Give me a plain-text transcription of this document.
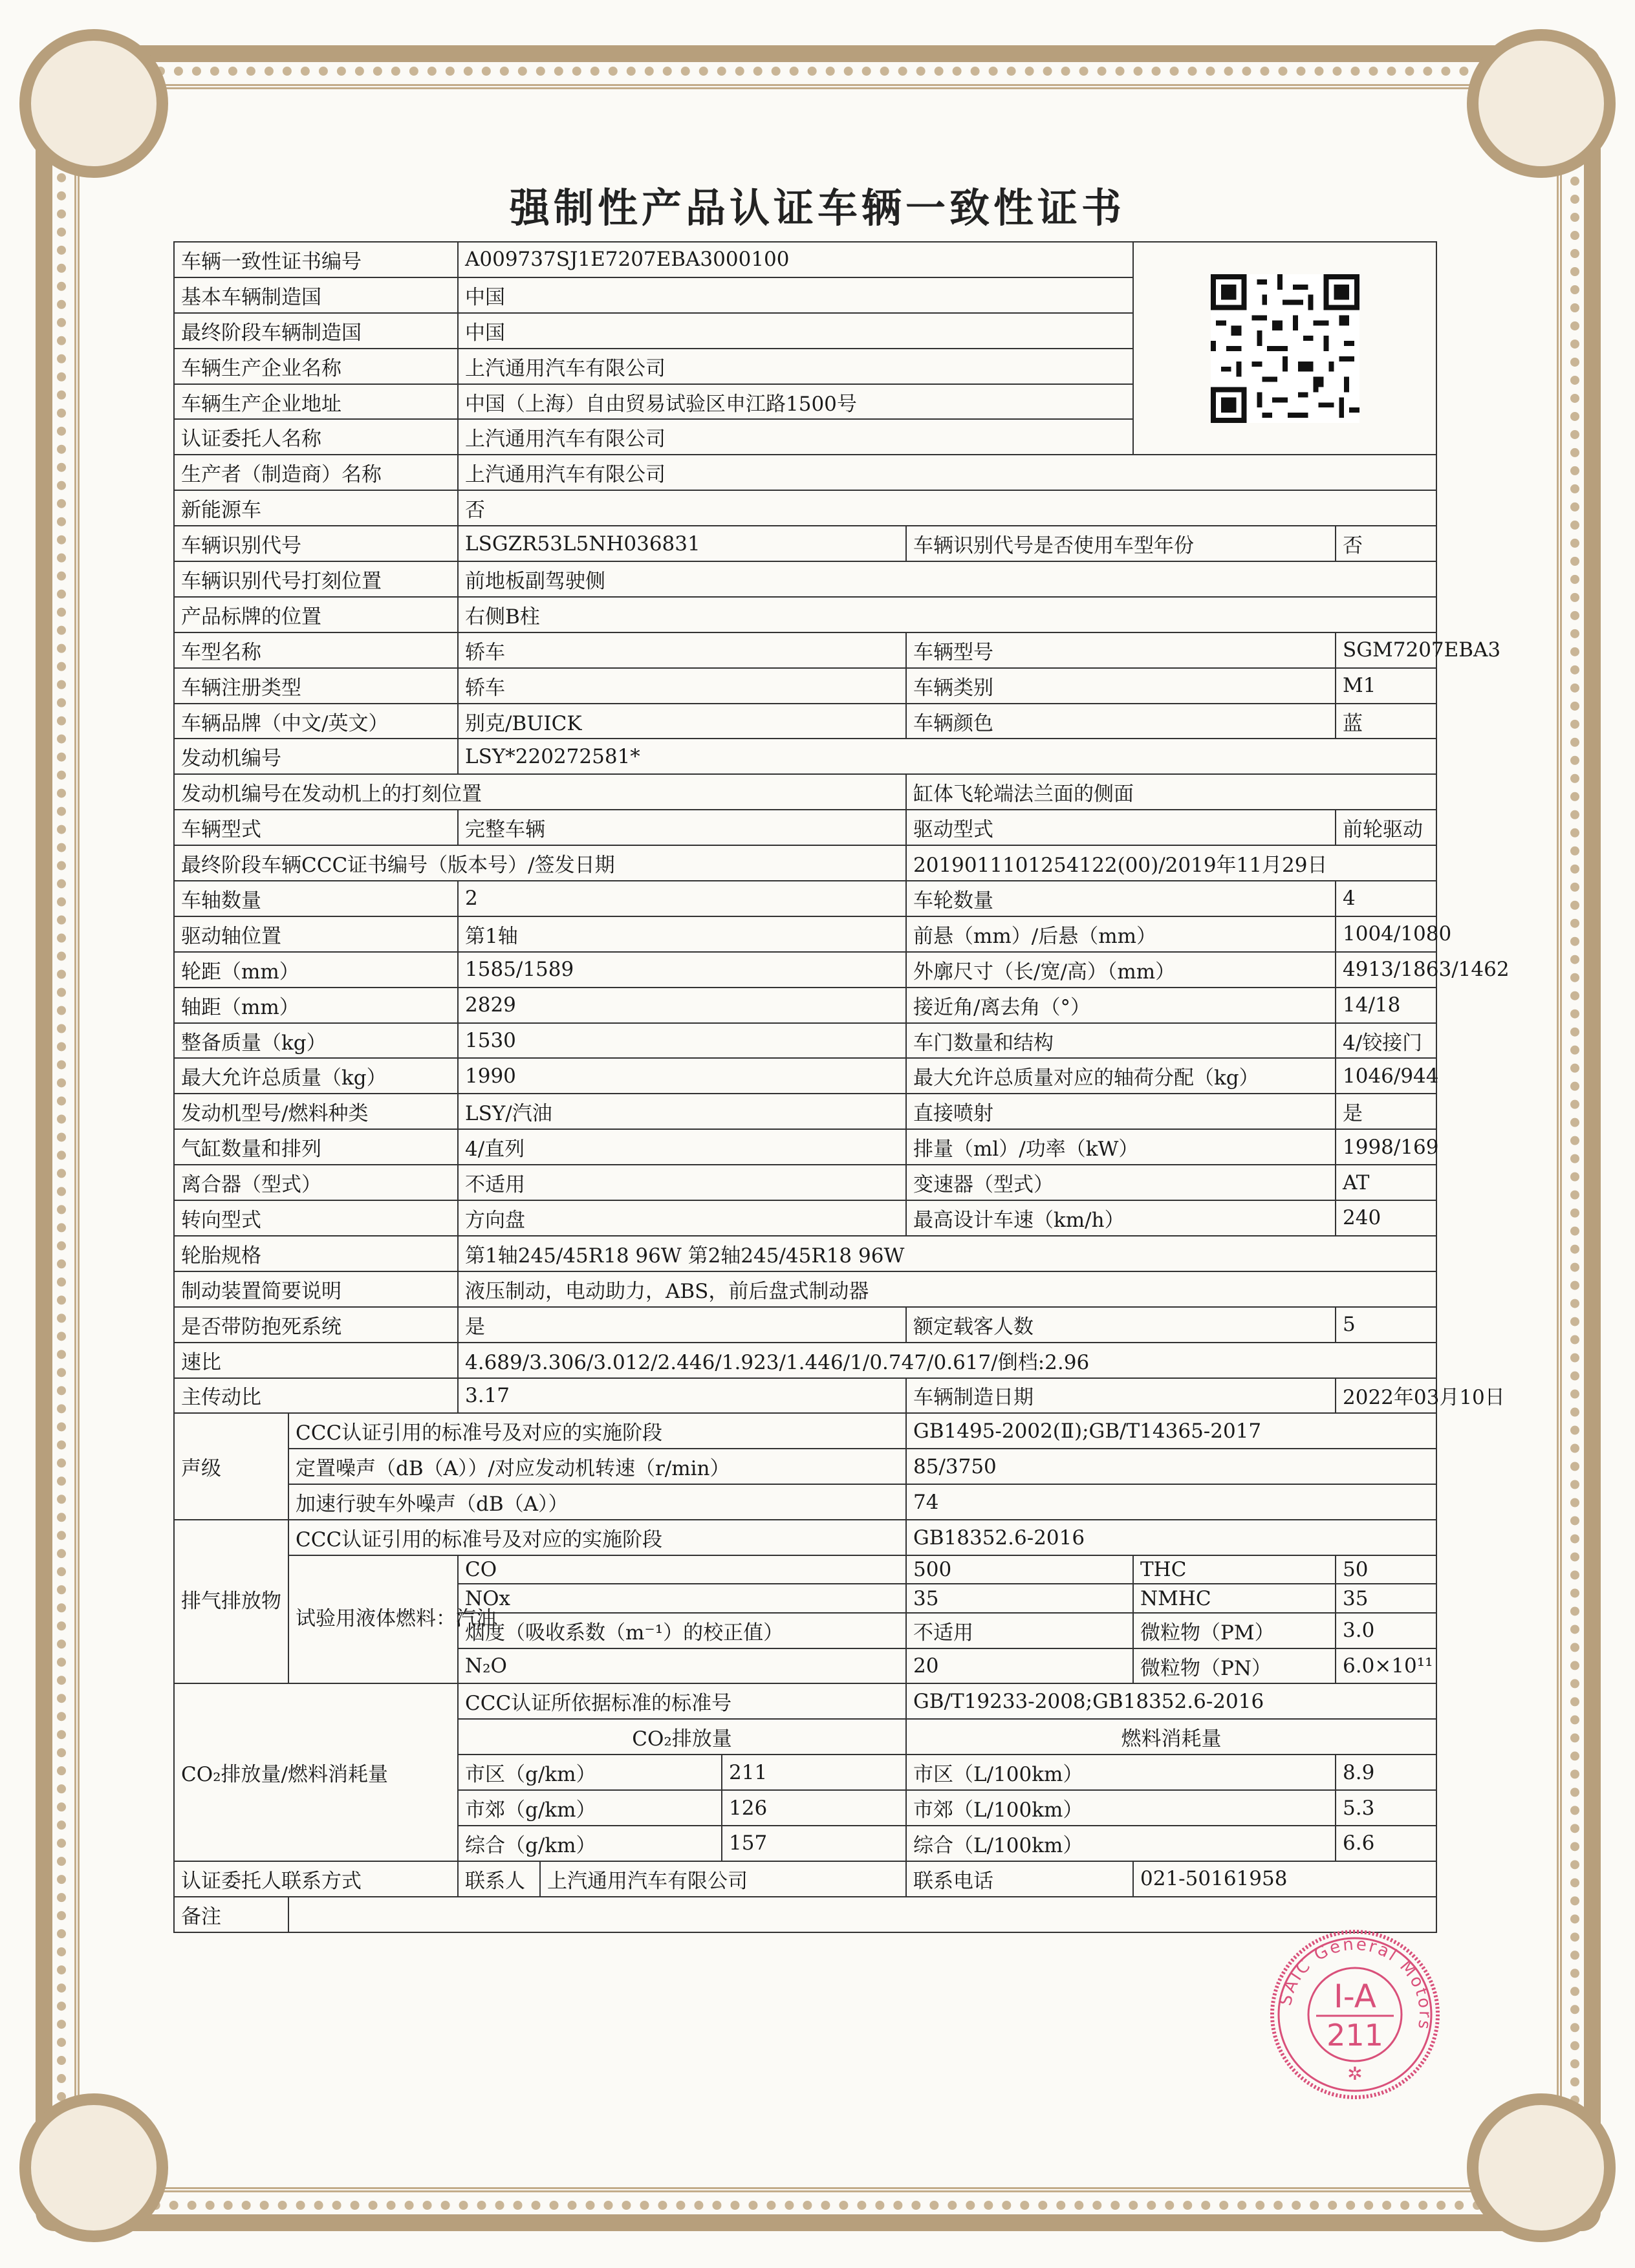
强制性产品认证车辆一致性证书
车辆一致性证书编号		A009737SJ1E7207EBA3000100	

基本车辆制造国		中国					
最终阶段车辆制造国		中国					
车辆生产企业名称		上汽通用汽车有限公司					
车辆生产企业地址		中国（上海）自由贸易试验区申江路1500号					
认证委托人名称		上汽通用汽车有限公司					
生产者（制造商）名称		上汽通用汽车有限公司					
新能源车		否					
车辆识别代号		LSGZR53L5NH036831			车辆识别代号是否使用车型年份		否
车辆识别代号打刻位置		前地板副驾驶侧					
产品标牌的位置		右侧B柱					
车型名称		轿车			车辆型号		SGM7207EBA3
车辆注册类型		轿车			车辆类别		M1
车辆品牌（中文/英文）		别克/BUICK			车辆颜色		蓝
发动机编号		LSY*220272581*					
发动机编号在发动机上的打刻位置					缸体飞轮端法兰面的侧面		
车辆型式		完整车辆			驱动型式		前轮驱动
最终阶段车辆CCC证书编号（版本号）/签发日期					2019011101254122(00)/2019年11月29日		
车轴数量		2			车轮数量		4
驱动轴位置		第1轴			前悬（mm）/后悬（mm）		1004/1080
轮距（mm）		1585/1589			外廓尺寸（长/宽/高）（mm）		4913/1863/1462
轴距（mm）		2829			接近角/离去角（°）		14/18
整备质量（kg）		1530			车门数量和结构		4/铰接门
最大允许总质量（kg）		1990			最大允许总质量对应的轴荷分配（kg）		1046/944
发动机型号/燃料种类		LSY/汽油			直接喷射		是
气缸数量和排列		4/直列			排量（ml）/功率（kW）		1998/169
离合器（型式）		不适用			变速器（型式）		AT
转向型式		方向盘			最高设计车速（km/h）		240
轮胎规格		第1轴245/45R18 96W 第2轴245/45R18 96W					
制动装置简要说明		液压制动，电动助力，ABS，前后盘式制动器					
是否带防抱死系统		是			额定载客人数		5
速比		4.689/3.306/3.012/2.446/1.923/1.446/1/0.747/0.617/倒档:2.96					
主传动比		3.17			车辆制造日期		2022年03月10日
声级	CCC认证引用的标准号及对应的实施阶段				GB1495-2002(Ⅱ);GB/T14365-2017		
	定置噪声（dB（A））/对应发动机转速（r/min）				85/3750		
	加速行驶车外噪声（dB（A））				74		
排气排放物	CCC认证引用的标准号及对应的实施阶段				GB18352.6-2016		
	试验用液体燃料：汽油	CO			500	THC	50
		NOx			35	NMHC	35
		烟度（吸收系数（m⁻¹）的校正值）			不适用	微粒物（PM）	3.0
		N₂O			20	微粒物（PN）	6.0×10¹¹
CO₂排放量/燃料消耗量		CCC认证所依据标准的标准号			GB/T19233-2008;GB18352.6-2016		
		CO₂排放量			燃料消耗量		
		市区（g/km）		211	市区（L/100km）		8.9
		市郊（g/km）		126	市郊（L/100km）		5.3
		综合（g/km）		157	综合（L/100km）		6.6
认证委托人联系方式		联系人	上汽通用汽车有限公司		联系电话	021-50161958	
备注							
SAIC General Motors
I-A
211
✲
